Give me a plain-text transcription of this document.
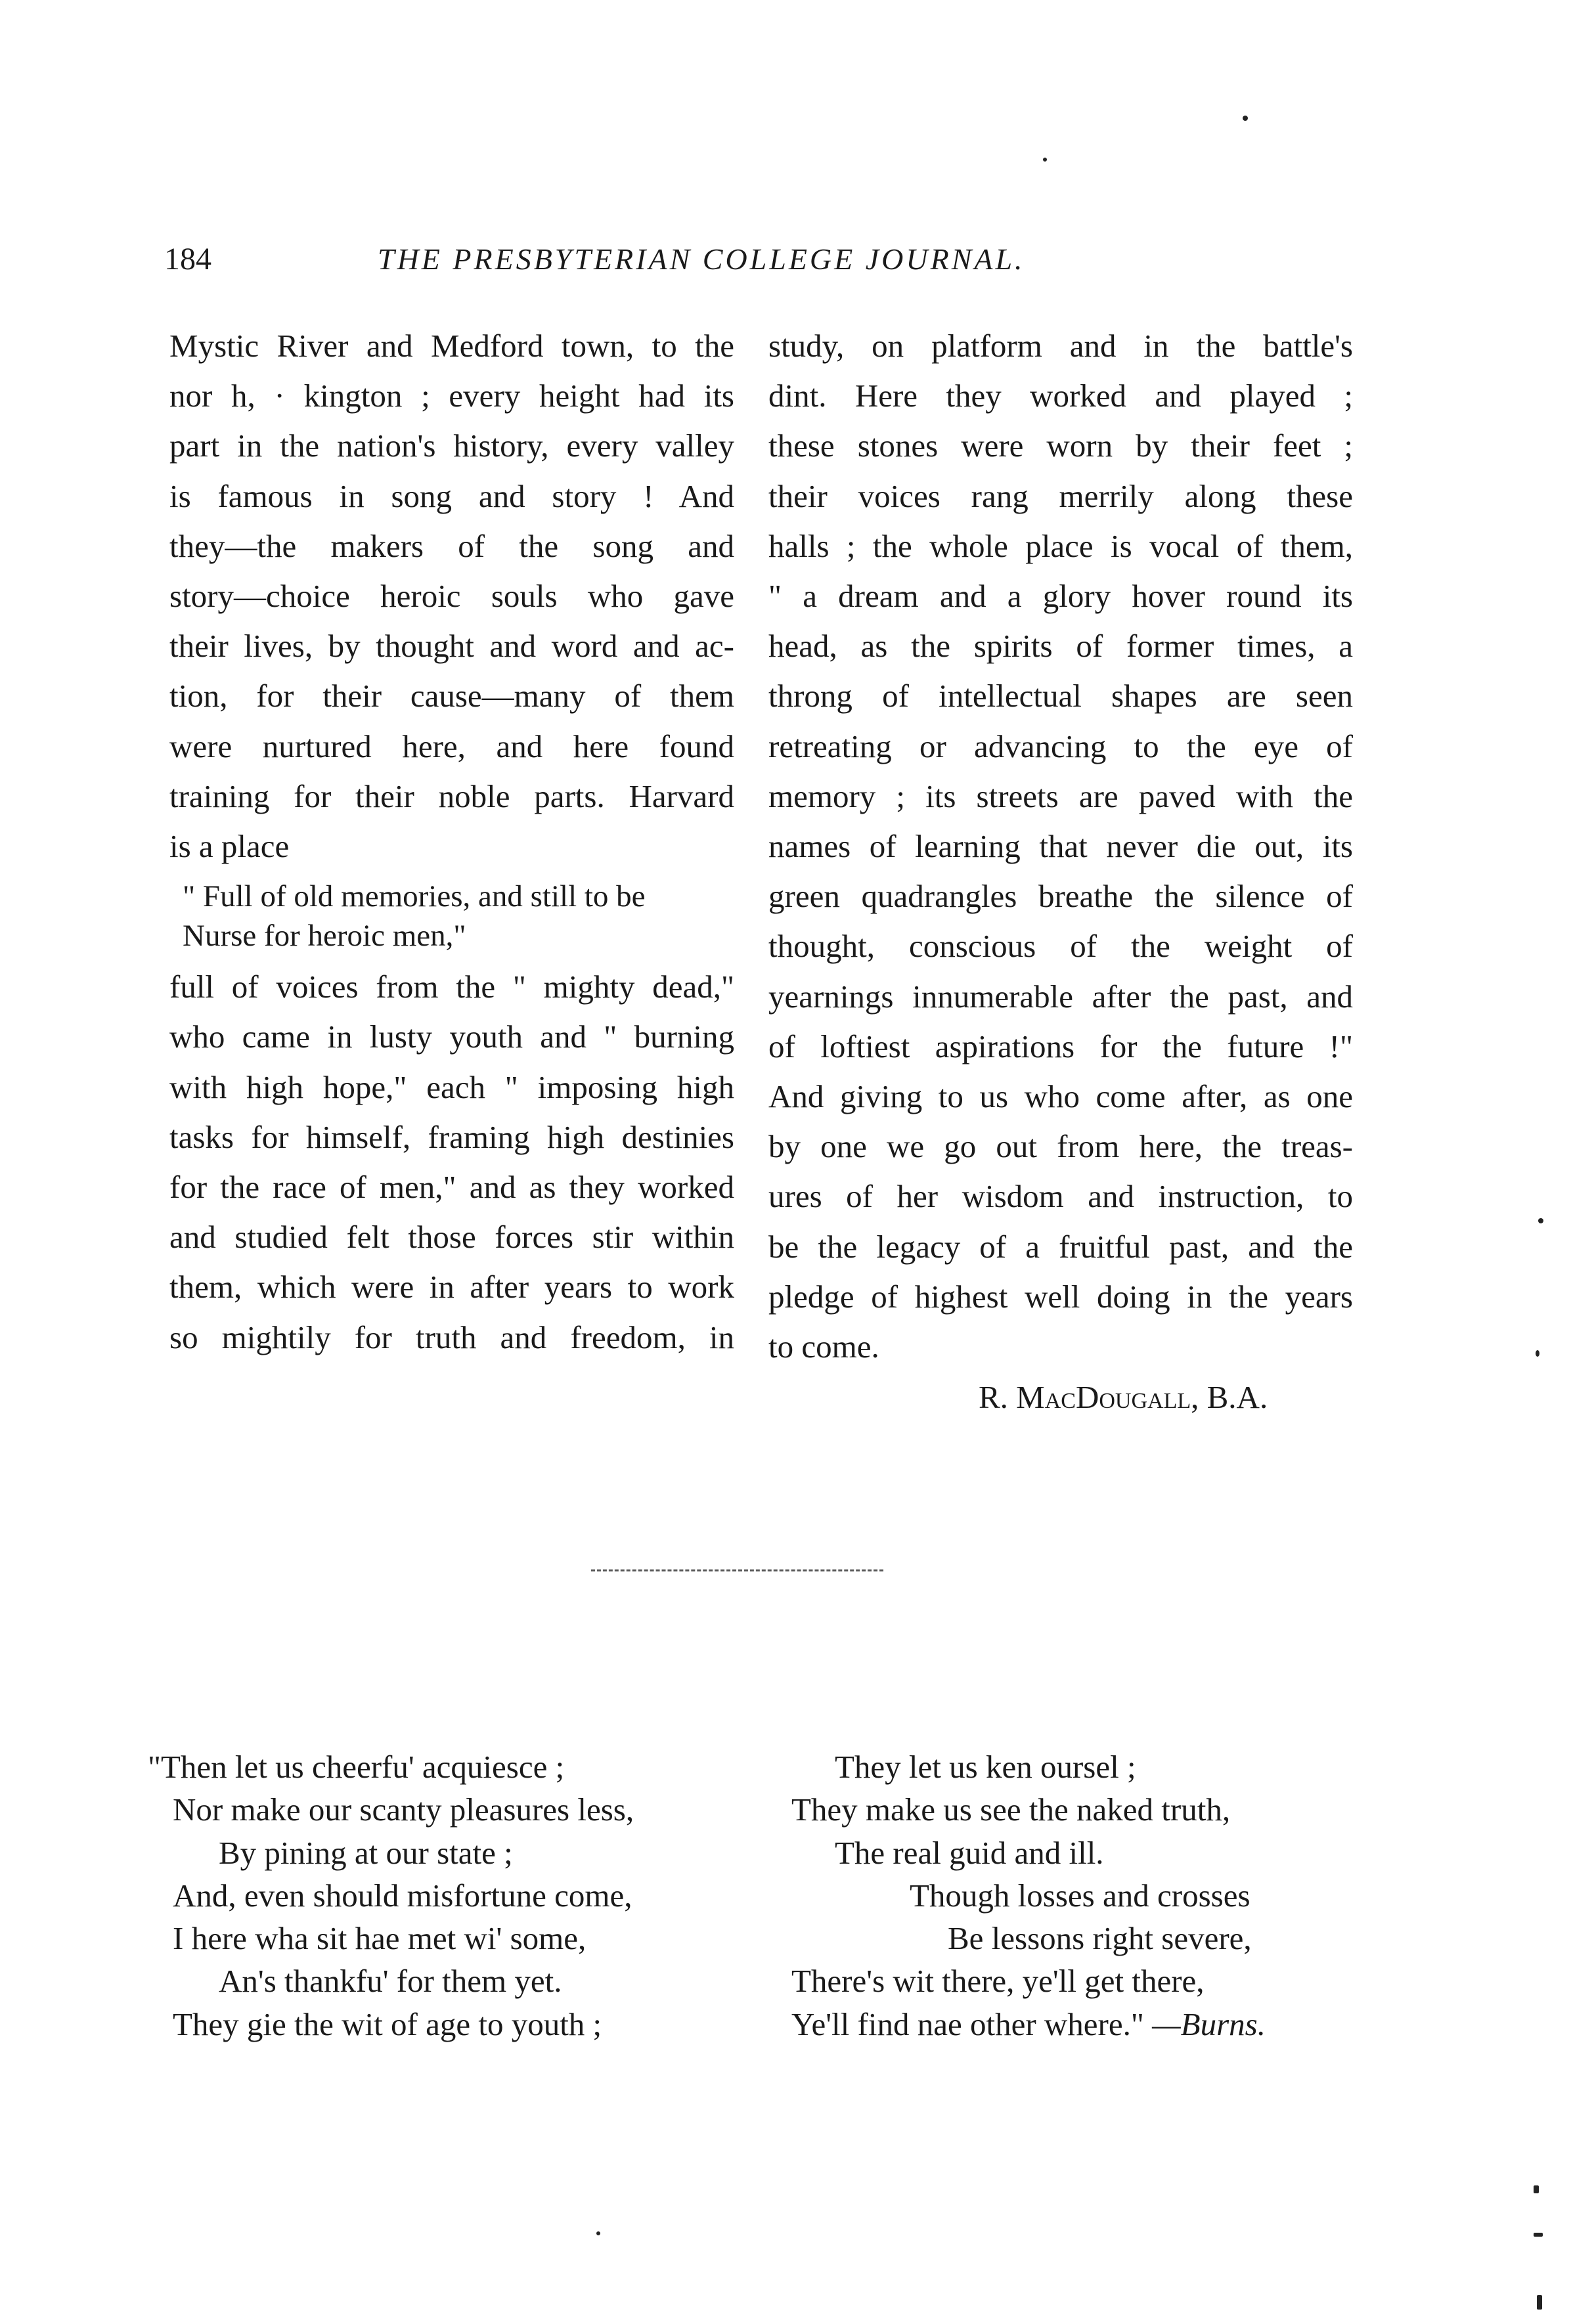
184	THE PRESBYTERIAN COLLEGE JOURNAL.
Mystic River and Medford town, to the
nor h, · kington ; every height had its
part in the nation's history, every valley
is famous in song and story ! And
they—the makers of the song and
story—choice heroic souls who gave
their lives, by thought and word and ac-
tion, for their cause—many of them
were nurtured here, and here found
training for their noble parts. Harvard
is a place
" Full of old memories, and still to be
Nurse for heroic men,"
full of voices from the " mighty dead,"
who came in lusty youth and " burning
with high hope," each " imposing high
tasks for himself, framing high destinies
for the race of men," and as they worked
and studied felt those forces stir within
them, which were in after years to work
so mightily for truth and freedom, in
study, on platform and in the battle's
dint. Here they worked and played ;
these stones were worn by their feet ;
their voices rang merrily along these
halls ; the whole place is vocal of them,
" a dream and a glory hover round its
head, as the spirits of former times, a
throng of intellectual shapes are seen
retreating or advancing to the eye of
memory ; its streets are paved with the
names of learning that never die out, its
green quadrangles breathe the silence of
thought, conscious of the weight of
yearnings innumerable after the past, and
of loftiest aspirations for the future !"
And giving to us who come after, as one
by one we go out from here, the treas-
ures of her wisdom and instruction, to
be the legacy of a fruitful past, and the
pledge of highest well doing in the years
to come.
R. MacDougall, B.A.
"Then let us cheerfu' acquiesce ;
Nor make our scanty pleasures less,
By pining at our state ;
And, even should misfortune come,
I here wha sit hae met wi' some,
An's thankfu' for them yet.
They gie the wit of age to youth ;
They let us ken oursel ;
They make us see the naked truth,
The real guid and ill.
Though losses and crosses
Be lessons right severe,
There's wit there, ye'll get there,
Ye'll find nae other where." —Burns.
